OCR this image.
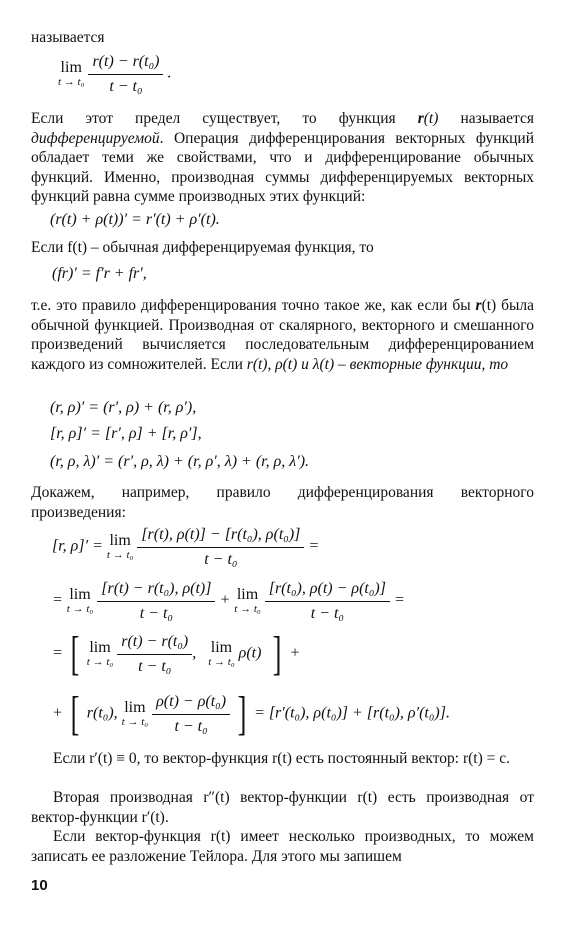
называется
lim
t → t₀
$\frac{\text{r(t) − r(t₀)}}{\text{t − t₀}}$ .

Если этот предел существует, то функция r(t) называется дифференцируемой. Операция дифференцирования векторных функций обладает теми же свойствами, что и дифференцирование обычных функций. Именно, производная суммы дифференцируемых векторных функций равна сумме производных этих функций:

(r(t) + ρ(t))′ = r′(t) + ρ′(t).

Если f(t) – обычная дифференцируемая функция, то

(fr)′ = f′r + fr′,

т.е. это правило дифференцирования точно такое же, как если бы r(t) была обычной функцией. Производная от скалярного, векторного и смешанного произведений вычисляется последовательным дифференцированием каждого из сомножителей. Если r(t), ρ(t) и λ(t) – векторные функции, то

(r, ρ)′ = (r′, ρ) + (r, ρ′),
[r, ρ]′ = [r′, ρ] + [r, ρ′],
(r, ρ, λ)′ = (r′, ρ, λ) + (r, ρ′, λ) + (r, ρ, λ′).

Докажем, например, правило дифференцирования векторного произведения:

[r, ρ]′ = lim
t → t₀
$\frac{\text{[r(t), ρ(t)] − [r(t₀), ρ(t₀)]}}{\text{t − t₀}}$ =
= lim
t → t₀
$\frac{\text{[r(t) − r(t₀), ρ(t)]}}{\text{t − t₀}} + \lim$
t → t₀
$\frac{\text{[r(t₀), ρ(t) − ρ(t₀)]}}{\text{t − t₀}}$ =
= [ lim
t → t₀
$\frac{\text{r(t) − r(t₀)}}{\text{t − t₀}}$ , lim
t → t₀
ρ(t) ] +
+ [ r(t₀), lim
t → t₀
$\frac{\text{ρ(t) − ρ(t₀)}}{\text{t − t₀}}$ ] = [r′(t₀), ρ(t₀)] + [r(t₀), ρ′(t₀)].

Если r′(t) ≡ 0, то вектор-функция r(t) есть постоянный вектор: r(t) = c.

Вторая производная r″(t) вектор-функции r(t) есть производная от вектор-функции r′(t).

Если вектор-функция r(t) имеет несколько производных, то можем записать ее разложение Тейлора. Для этого мы запишем

10
